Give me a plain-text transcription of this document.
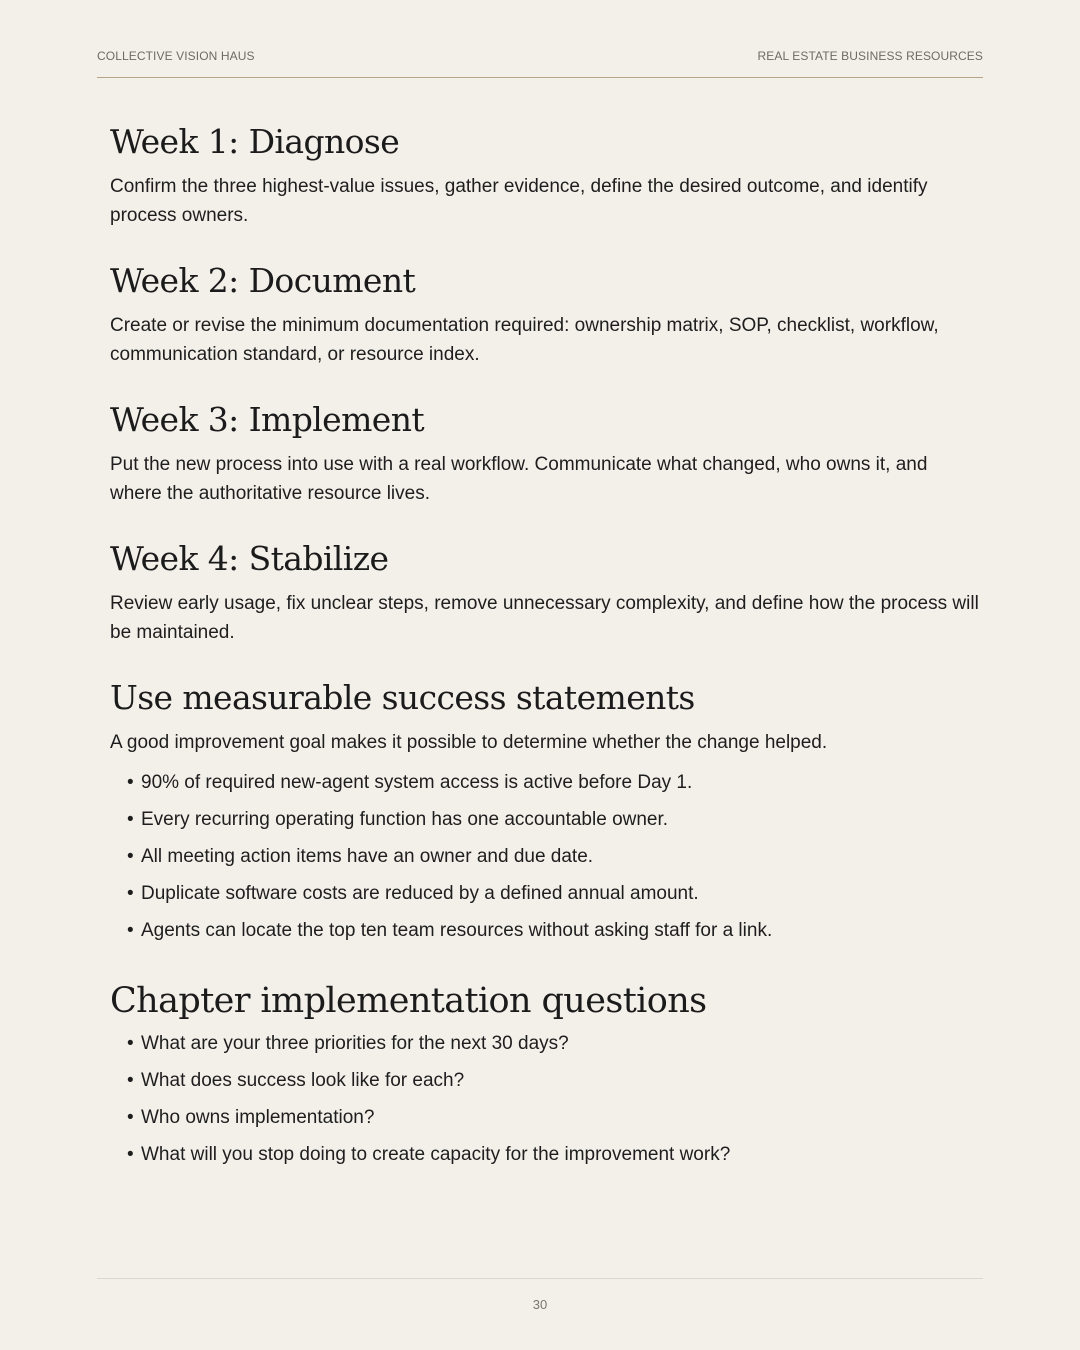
COLLECTIVE VISION HAUS	REAL ESTATE BUSINESS RESOURCES
Week 1: Diagnose

Confirm the three highest-value issues, gather evidence, define the desired outcome, and identify process owners.

Week 2: Document

Create or revise the minimum documentation required: ownership matrix, SOP, checklist, workflow, communication standard, or resource index.

Week 3: Implement

Put the new process into use with a real workflow. Communicate what changed, who owns it, and where the authoritative resource lives.

Week 4: Stabilize

Review early usage, fix unclear steps, remove unnecessary complexity, and define how the process will be maintained.

Use measurable success statements

A good improvement goal makes it possible to determine whether the change helped.

• 90% of required new-agent system access is active before Day 1.
• Every recurring operating function has one accountable owner.
• All meeting action items have an owner and due date.
• Duplicate software costs are reduced by a defined annual amount.
• Agents can locate the top ten team resources without asking staff for a link.
Chapter implementation questions
• What are your three priorities for the next 30 days?
• What does success look like for each?
• Who owns implementation?
• What will you stop doing to create capacity for the improvement work?
30
